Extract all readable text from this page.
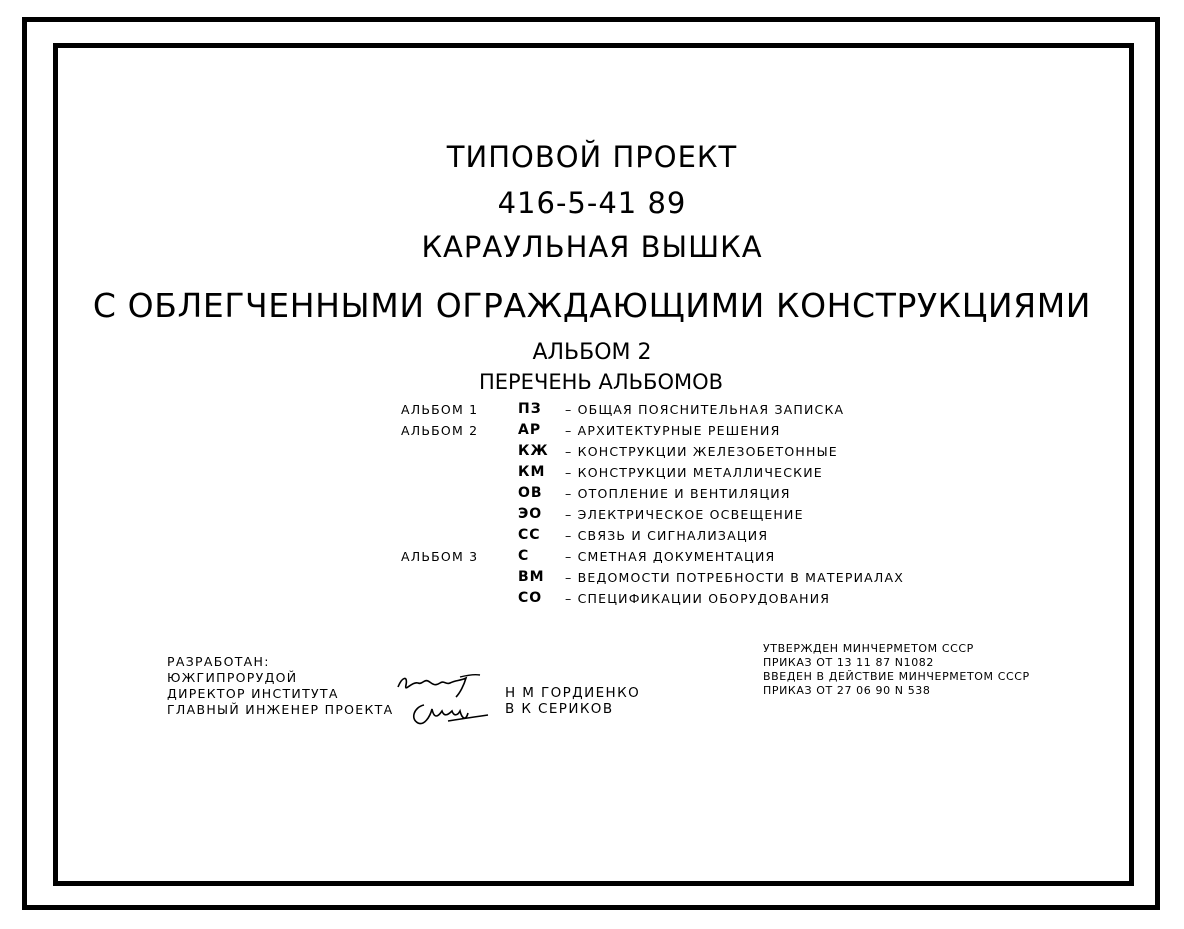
ТИПОВОЙ ПРОЕКТ
416-5-41 89
КАРАУЛЬНАЯ ВЫШКА
С ОБЛЕГЧЕННЫМИ ОГРАЖДАЮЩИМИ КОНСТРУКЦИЯМИ
АЛЬБОМ 2
ПЕРЕЧЕНЬ АЛЬБОМОВ
АЛЬБОМ 1	ПЗ – ОБЩАЯ ПОЯСНИТЕЛЬНАЯ ЗАПИСКА
АЛЬБОМ 2	АР – АРХИТЕКТУРНЫЕ РЕШЕНИЯ
КЖ – КОНСТРУКЦИИ ЖЕЛЕЗОБЕТОННЫЕ
КМ – КОНСТРУКЦИИ МЕТАЛЛИЧЕСКИЕ
ОВ – ОТОПЛЕНИЕ И ВЕНТИЛЯЦИЯ
ЭО – ЭЛЕКТРИЧЕСКОЕ ОСВЕЩЕНИЕ
СС – СВЯЗЬ И СИГНАЛИЗАЦИЯ
АЛЬБОМ 3	С	– СМЕТНАЯ ДОКУМЕНТАЦИЯ
ВМ – ВЕДОМОСТИ ПОТРЕБНОСТИ В МАТЕРИАЛАХ
СО – СПЕЦИФИКАЦИИ ОБОРУДОВАНИЯ
РАЗРАБОТАН:
ЮЖГИПРОРУДОЙ
ДИРЕКТОР ИНСТИТУТА
ГЛАВНЫЙ ИНЖЕНЕР ПРОЕКТА
Н М ГОРДИЕНКО
В К СЕРИКОВ
УТВЕРЖДЕН МИНЧЕРМЕТОМ СССР
ПРИКАЗ ОТ 13 11 87 N1082
ВВЕДЕН В ДЕЙСТВИЕ МИНЧЕРМЕТОМ СССР
ПРИКАЗ ОТ 27 06 90 N 538
